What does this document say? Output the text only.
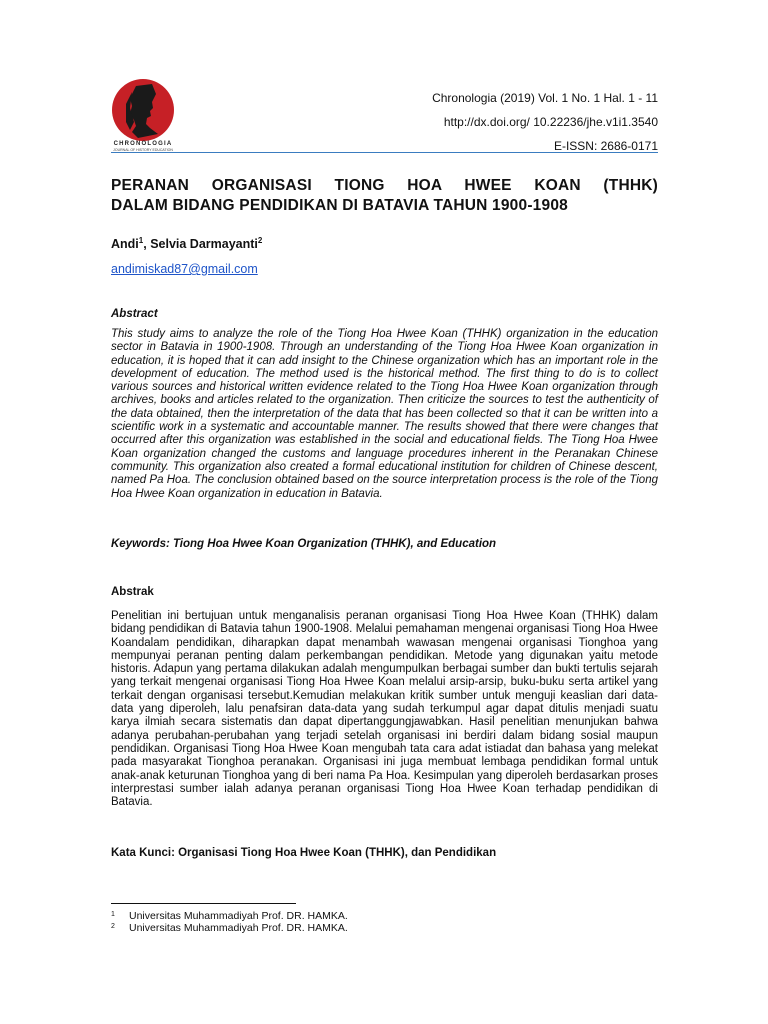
CHRONOLOGIA
JOURNAL OF HISTORY EDUCATION
Chronologia (2019) Vol. 1 No. 1 Hal. 1 - 11
http://dx.doi.org/ 10.22236/jhe.v1i1.3540
E-ISSN: 2686-0171
PERANAN ORGANISASI TIONG HOA HWEE KOAN (THHK)
DALAM BIDANG PENDIDIKAN DI BATAVIA TAHUN 1900-1908
Andi$^1$, Selvia Darmayanti$^2$
andimiskad87@gmail.com
Abstract
This study aims to analyze the role of the Tiong Hoa Hwee Koan (THHK) organization in the education sector in Batavia in 1900-1908. Through an understanding of the Tiong Hoa Hwee Koan organization in education, it is hoped that it can add insight to the Chinese organization which has an important role in the development of education. The method used is the historical method. The first thing to do is to collect various sources and historical written evidence related to the Tiong Hoa Hwee Koan organization through archives, books and articles related to the organization. Then criticize the sources to test the authenticity of the data obtained, then the interpretation of the data that has been collected so that it can be written into a scientific work in a systematic and accountable manner. The results showed that there were changes that occurred after this organization was established in the social and educational fields. The Tiong Hoa Hwee Koan organization changed the customs and language procedures inherent in the Peranakan Chinese community. This organization also created a formal educational institution for children of Chinese descent, named Pa Hoa. The conclusion obtained based on the source interpretation process is the role of the Tiong Hoa Hwee Koan organization in education in Batavia.
Keywords: Tiong Hoa Hwee Koan Organization (THHK), and Education
Abstrak
Penelitian ini bertujuan untuk menganalisis peranan organisasi Tiong Hoa Hwee Koan (THHK) dalam bidang pendidikan di Batavia tahun 1900-1908. Melalui pemahaman mengenai organisasi Tiong Hoa Hwee Koandalam pendidikan, diharapkan dapat menambah wawasan mengenai organisasi Tionghoa yang mempunyai peranan penting dalam perkembangan pendidikan. Metode yang digunakan yaitu metode historis. Adapun yang pertama dilakukan adalah mengumpulkan berbagai sumber dan bukti tertulis sejarah yang terkait mengenai organisasi Tiong Hoa Hwee Koan melalui arsip-arsip, buku-buku serta artikel yang terkait dengan organisasi tersebut.Kemudian melakukan kritik sumber untuk menguji keaslian dari data-data yang diperoleh, lalu penafsiran data-data yang sudah terkumpul agar dapat ditulis menjadi suatu karya ilmiah secara sistematis dan dapat dipertanggungjawabkan. Hasil penelitian menunjukan bahwa adanya perubahan-perubahan yang terjadi setelah organisasi ini berdiri dalam bidang sosial maupun pendidikan. Organisasi Tiong Hoa Hwee Koan mengubah tata cara adat istiadat dan bahasa yang melekat pada masyarakat Tionghoa peranakan. Organisasi ini juga membuat lembaga pendidikan formal untuk anak-anak keturunan Tionghoa yang di beri nama Pa Hoa. Kesimpulan yang diperoleh berdasarkan proses interprestasi sumber ialah adanya peranan organisasi Tiong Hoa Hwee Koan terhadap pendidikan di Batavia.
Kata Kunci: Organisasi Tiong Hoa Hwee Koan (THHK), dan Pendidikan
$^1$ Universitas Muhammadiyah Prof. DR. HAMKA.
$^2$ Universitas Muhammadiyah Prof. DR. HAMKA.
